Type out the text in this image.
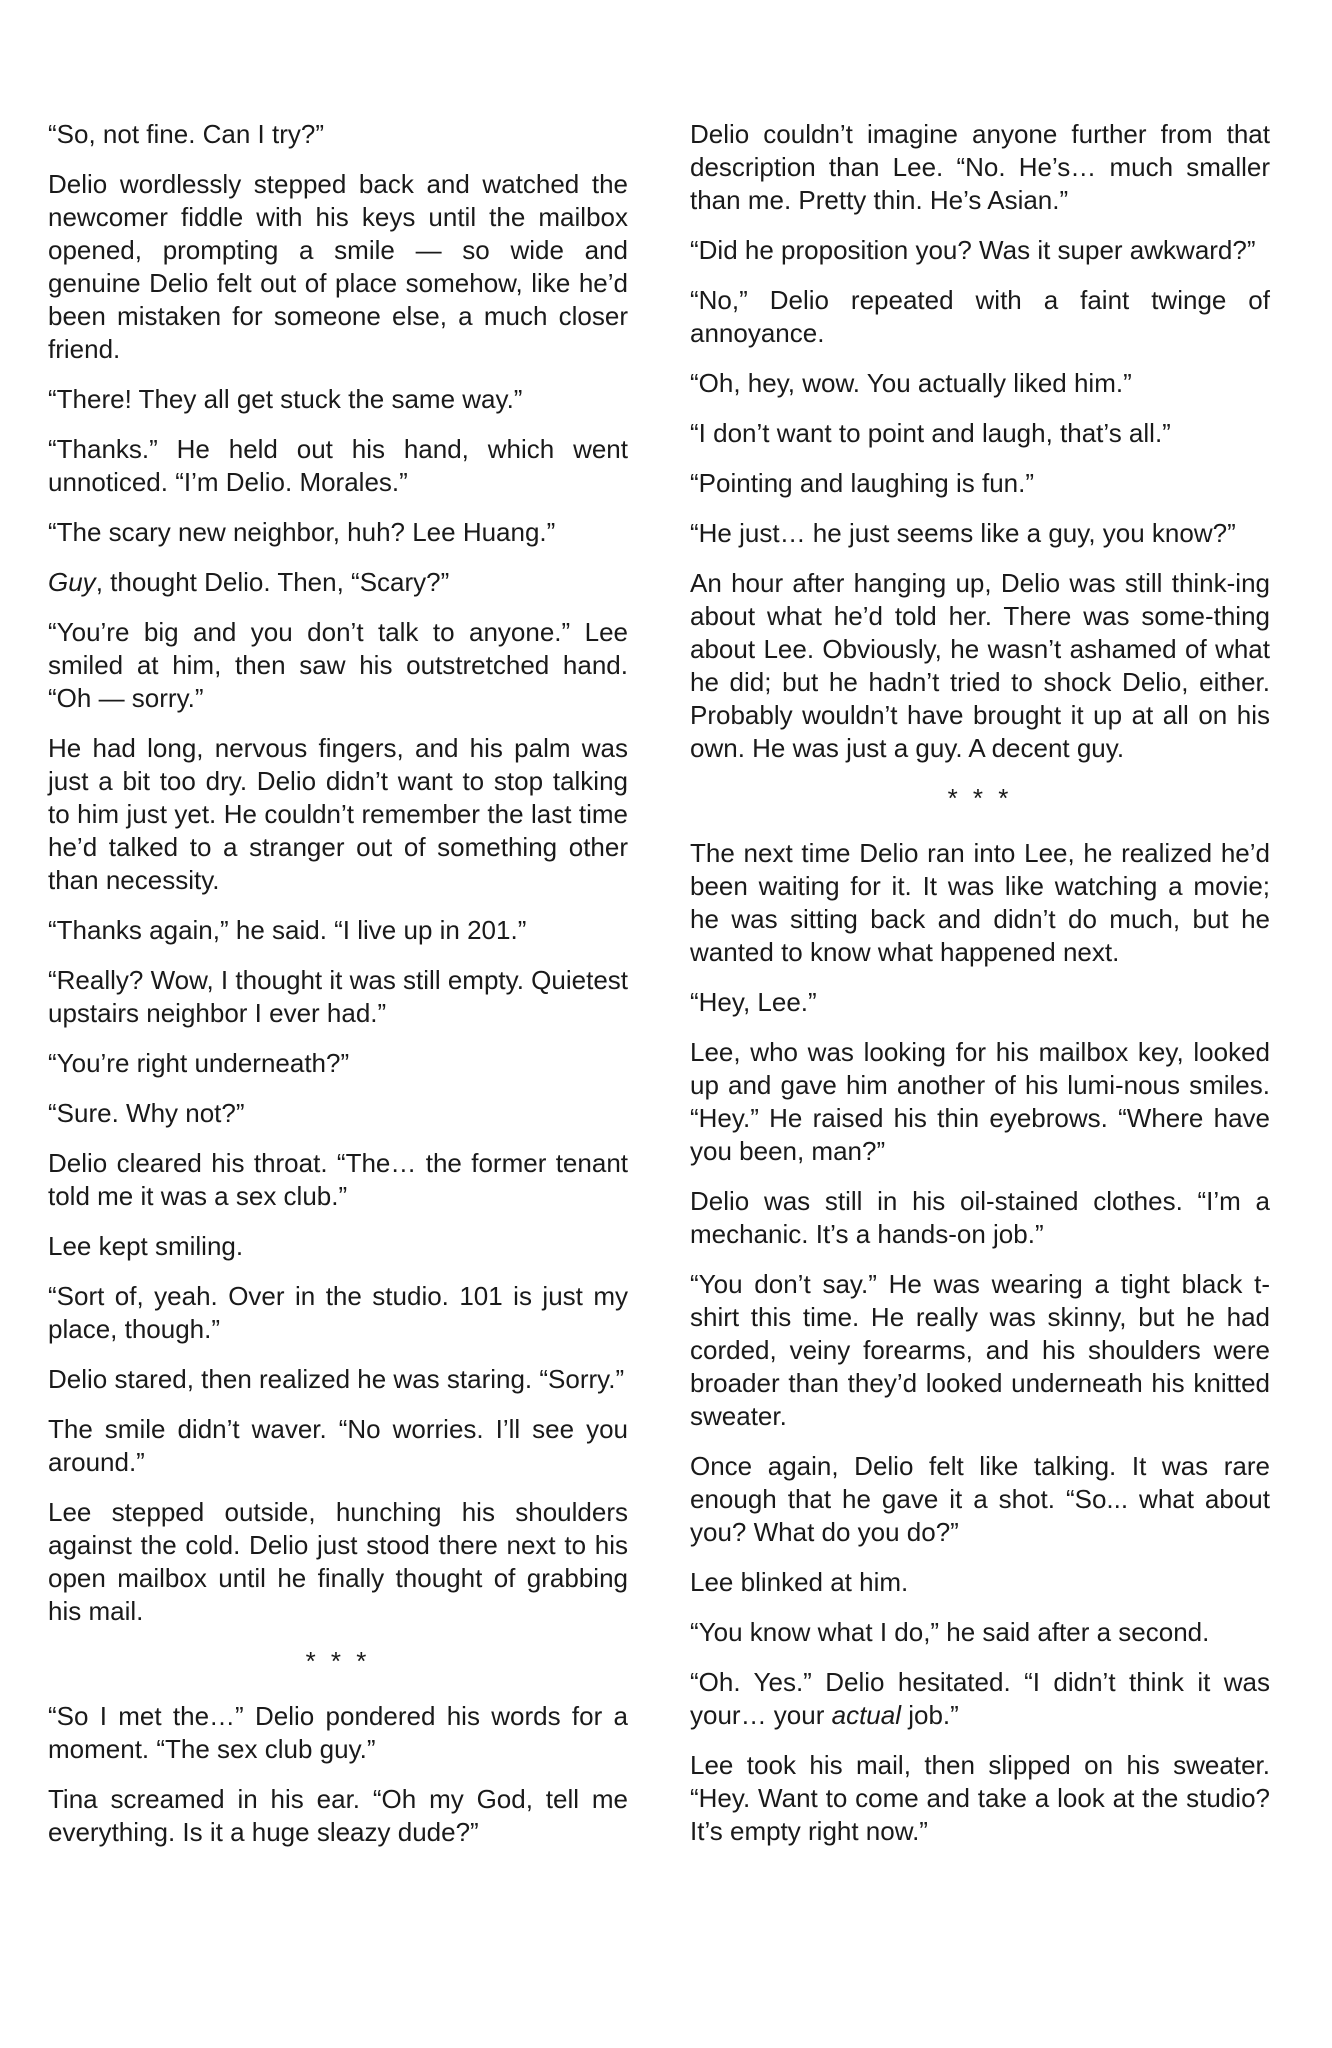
“So, not fine. Can I try?”

Delio wordlessly stepped back and watched the newcomer fiddle with his keys until the mailbox opened, prompting a smile — so wide and genuine Delio felt out of place somehow, like he’d been mistaken for someone else, a much closer friend.

“There! They all get stuck the same way.”

“Thanks.” He held out his hand, which went unnoticed. “I’m Delio. Morales.”

“The scary new neighbor, huh? Lee Huang.”

Guy, thought Delio. Then, “Scary?”

“You’re big and you don’t talk to anyone.” Lee smiled at him, then saw his outstretched hand. “Oh — sorry.”

He had long, nervous fingers, and his palm was just a bit too dry. Delio didn’t want to stop talking to him just yet. He couldn’t remember the last time he’d talked to a stranger out of something other than necessity.

“Thanks again,” he said. “I live up in 201.”

“Really? Wow, I thought it was still empty. Quietest upstairs neighbor I ever had.”

“You’re right underneath?”

“Sure. Why not?”

Delio cleared his throat. “The… the former tenant told me it was a sex club.”

Lee kept smiling.

“Sort of, yeah. Over in the studio. 101 is just my place, though.”

Delio stared, then realized he was staring. “Sorry.”

The smile didn’t waver. “No worries. I’ll see you around.”

Lee stepped outside, hunching his shoulders against the cold. Delio just stood there next to his open mailbox until he finally thought of grabbing his mail.

* * *

“So I met the…” Delio pondered his words for a moment. “The sex club guy.”

Tina screamed in his ear. “Oh my God, tell me everything. Is it a huge sleazy dude?”

Delio couldn’t imagine anyone further from that description than Lee. “No. He’s… much smaller than me. Pretty thin. He’s Asian.”

“Did he proposition you? Was it super awkward?”

“No,” Delio repeated with a faint twinge of annoyance.

“Oh, hey, wow. You actually liked him.”

“I don’t want to point and laugh, that’s all.”

“Pointing and laughing is fun.”

“He just… he just seems like a guy, you know?”

An hour after hanging up, Delio was still think-ing about what he’d told her. There was some-thing about Lee. Obviously, he wasn’t ashamed of what he did; but he hadn’t tried to shock Delio, either. Probably wouldn’t have brought it up at all on his own. He was just a guy. A decent guy.

* * *

The next time Delio ran into Lee, he realized he’d been waiting for it. It was like watching a movie; he was sitting back and didn’t do much, but he wanted to know what happened next.

“Hey, Lee.”

Lee, who was looking for his mailbox key, looked up and gave him another of his lumi-nous smiles. “Hey.” He raised his thin eyebrows. “Where have you been, man?”

Delio was still in his oil-stained clothes. “I’m a mechanic. It’s a hands-on job.”

“You don’t say.” He was wearing a tight black t-shirt this time. He really was skinny, but he had corded, veiny forearms, and his shoulders were broader than they’d looked underneath his knitted sweater.

Once again, Delio felt like talking. It was rare enough that he gave it a shot. “So... what about you? What do you do?”

Lee blinked at him.

“You know what I do,” he said after a second.

“Oh. Yes.” Delio hesitated. “I didn’t think it was your… your actual job.”

Lee took his mail, then slipped on his sweater. “Hey. Want to come and take a look at the studio? It’s empty right now.”
